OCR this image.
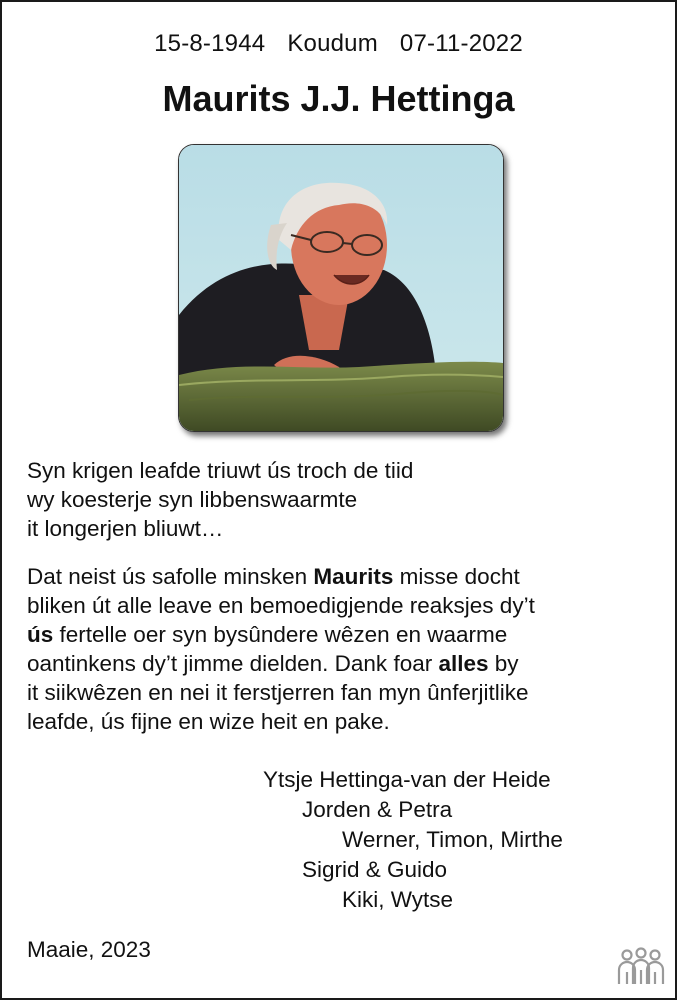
15-8-1944 Koudum 07-11-2022
Maurits J.J. Hettinga
Syn krigen leafde triuwt ús troch de tiid
wy koesterje syn libbenswaarmte
it longerjen bliuwt…
Dat neist ús safolle minsken Maurits misse docht
bliken út alle leave en bemoedigjende reaksjes dy’t
ús fertelle oer syn bysûndere wêzen en waarme
oantinkens dy’t jimme dielden. Dank foar alles by
it siikwêzen en nei it ferstjerren fan myn ûnferjitlike
leafde, ús fijne en wize heit en pake.
Ytsje Hettinga-van der Heide
Jorden & Petra
Werner, Timon, Mirthe
Sigrid & Guido
Kiki, Wytse
Maaie, 2023
